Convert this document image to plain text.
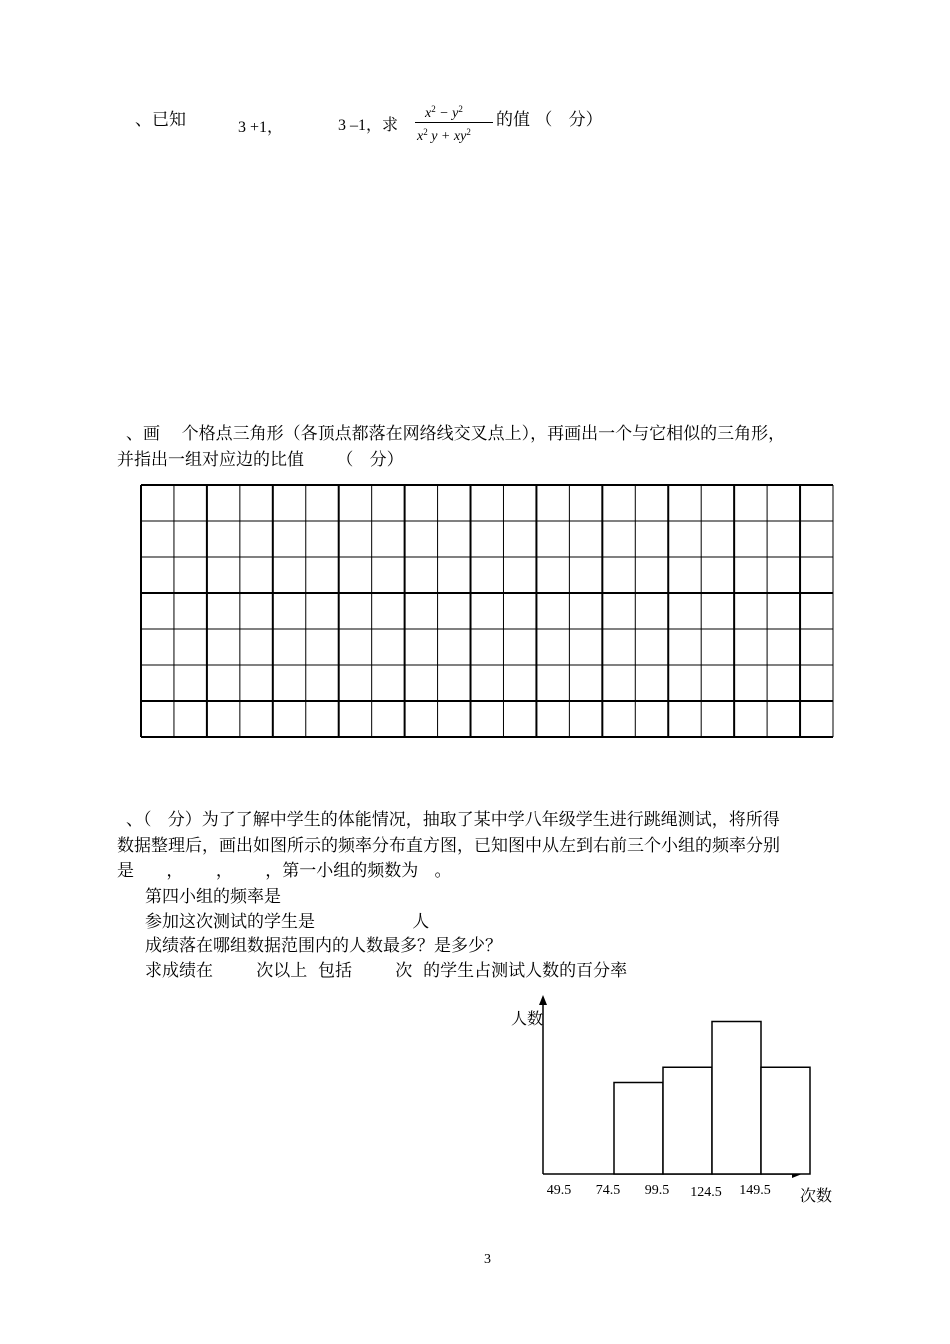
、已知	3 +1，	3 –1，求
$x^2 - y^2$
$x^2$ $y + xy^2$
的值 （   分）
、画    个格点三角形（各顶点都落在网络线交叉点上），再画出一个与它相似的三角形，
并指出一组对应边的比值      （   分）
、（   分）为了了解中学生的体能情况，抽取了某中学八年级学生进行跳绳测试，将所得
数据整理后，画出如图所示的频率分布直方图，已知图中从左到右前三个小组的频率分别
是      ，      ，      ，第一小组的频数为   。
第四小组的频率是
参加这次测试的学生是                  人
成绩落在哪组数据范围内的人数最多？是多少？
求成绩在        次以上  包括        次  的学生占测试人数的百分率
49.5 74.5 99.5 124.5 149.5
人数
次数
3
